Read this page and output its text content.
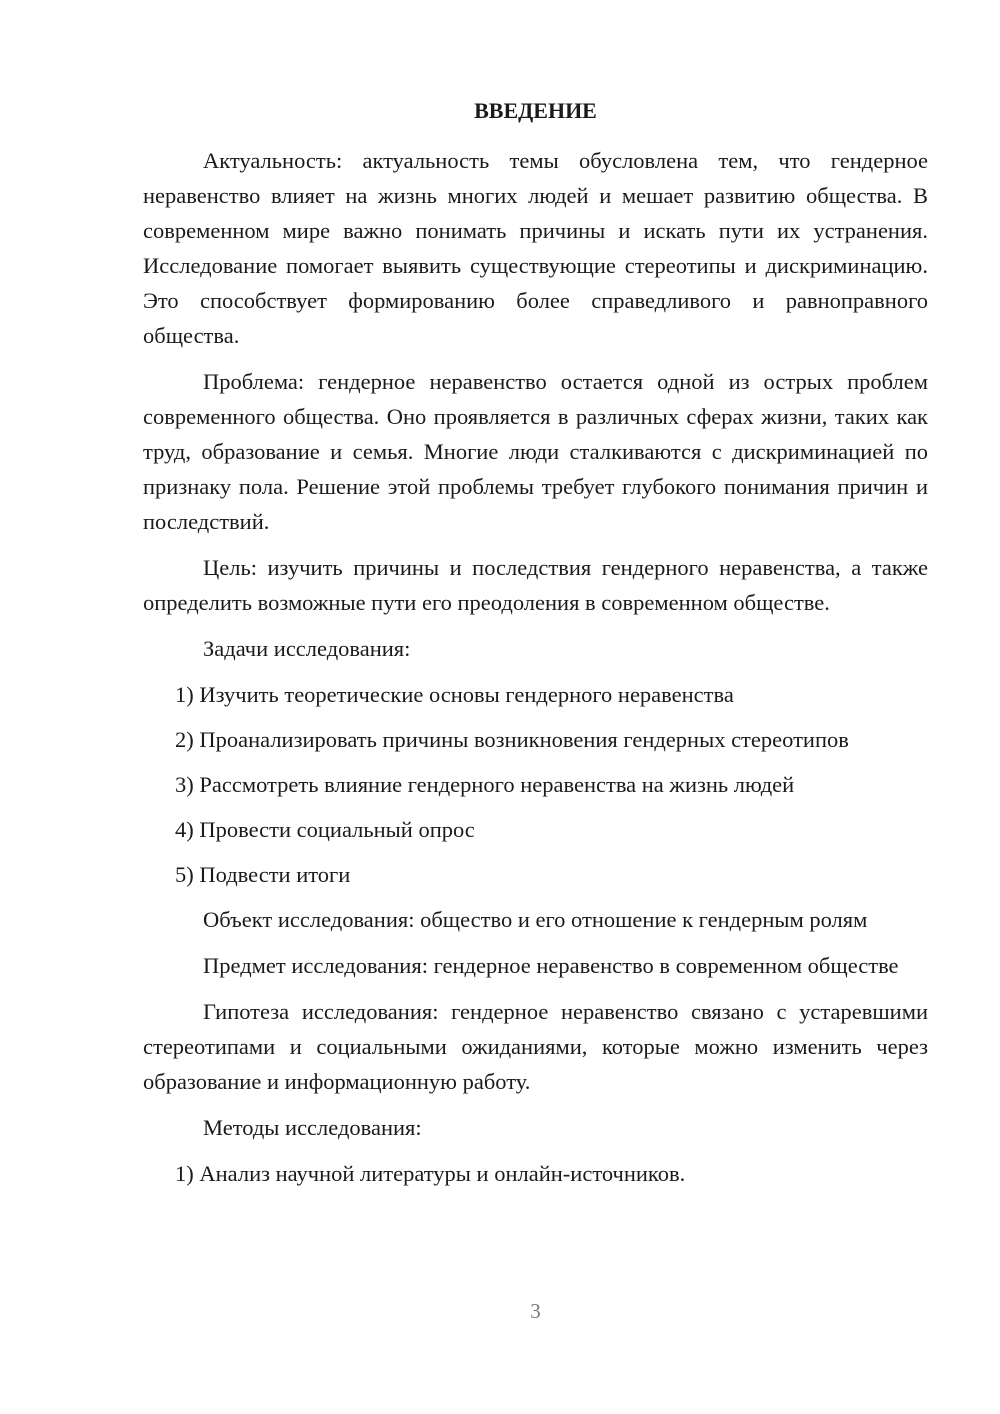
ВВЕДЕНИЕ

Актуальность: актуальность темы обусловлена тем, что гендерное неравенство влияет на жизнь многих людей и мешает развитию общества. В современном мире важно понимать причины и искать пути их устранения. Исследование помогает выявить существующие стереотипы и дискриминацию. Это способствует формированию более справедливого и равноправного общества.

Проблема: гендерное неравенство остается одной из острых проблем современного общества. Оно проявляется в различных сферах жизни, таких как труд, образование и семья. Многие люди сталкиваются с дискриминацией по признаку пола. Решение этой проблемы требует глубокого понимания причин и последствий.

Цель: изучить причины и последствия гендерного неравенства, а также определить возможные пути его преодоления в современном обществе.

Задачи исследования:

1) Изучить теоретические основы гендерного неравенства
2) Проанализировать причины возникновения гендерных стереотипов
3) Рассмотреть влияние гендерного неравенства на жизнь людей
4) Провести социальный опрос
5) Подвести итоги

Объект исследования: общество и его отношение к гендерным ролям

Предмет исследования: гендерное неравенство в современном обществе

Гипотеза исследования: гендерное неравенство связано с устаревшими стереотипами и социальными ожиданиями, которые можно изменить через образование и информационную работу.

Методы исследования:

1) Анализ научной литературы и онлайн-источников.
3
